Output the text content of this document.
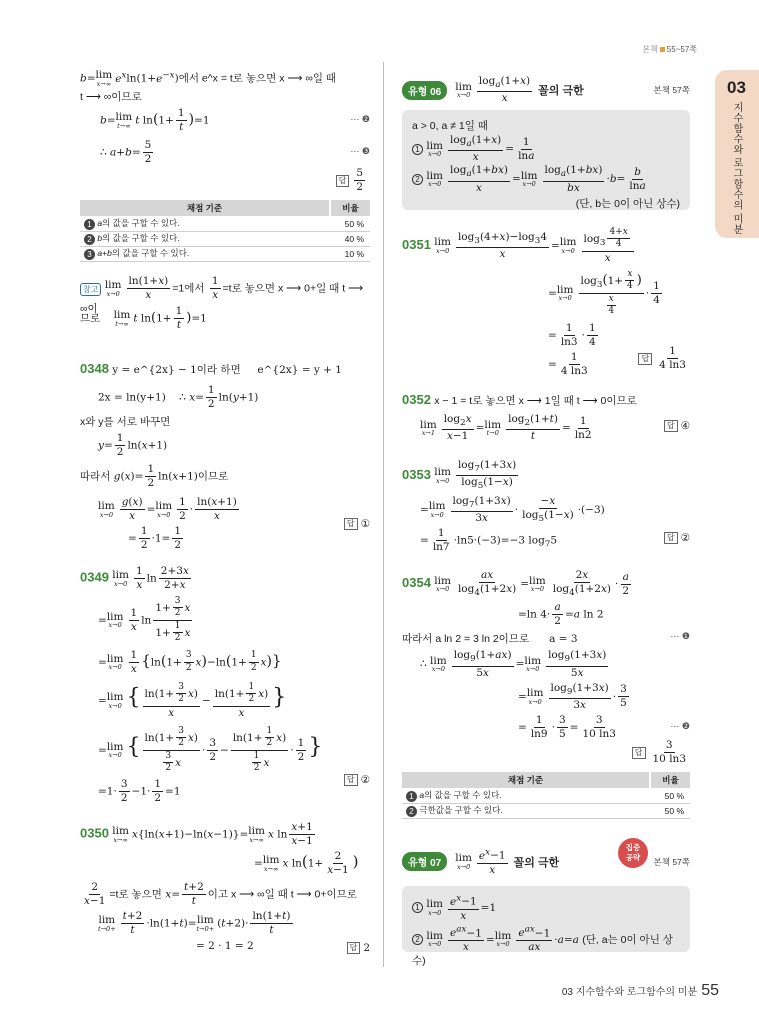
본책 55~57쪽
03
지수함수와 로그함수의 미분
b= lim
x→∞ $e^x\ln(1+e^{-x})$에서 e^x = t로 놓으면 x ⟶ ∞일 때
t ⟶ ∞이므로
b= lim
t→∞ t $\ln(1+ \frac{1}{t} )=1$	⋯ ❷
∴ $a+b= \frac{5}{2}$	⋯ ❸
답 $\frac{5}{2}$
채점 기준	비율
1 a의 값을 구할 수 있다.	50 %
2 b의 값을 구할 수 있다.	40 %
3 a+b의 값을 구할 수 있다.	10 %
참고 lim
$x\to 0 \frac{\ln(1+x)}{x} =1$에서 $\frac{1}{x} =t$로 놓으면 x ⟶ 0+일 때 t ⟶ ∞이
므로 lim
t→∞ t $\ln(1+ \frac{1}{t} )=1$
0348 y = e^{2x} − 1이라 하면 e^{2x} = y + 1
2x = ln(y+1)    ∴ $x= \frac{1}{2} \ln(y+1)$
x와 y를 서로 바꾸면
$y= \frac{1}{2} \ln(x+1)$
따라서 $g(x)= \frac{1}{2} \ln(x+1)$이므로
lim
$x\to 0 \frac{g(x)}{x} = \lim$
$x\to 0 \frac{1}{2} \cdot \frac{\ln(x+1)}{x}$
= $\frac{1}{2} \cdot 1= \frac{1}{2}$
답 ①
0349 lim
$x\to 0 \frac{1}{x}$ $\ln \frac{2+3x}{2+x}$
= lim
$x\to 0 \frac{1}{x}$ $\ln \frac{1+ \frac{3}{2} x}{1+ \frac{1}{2} x}$
= lim
$x\to 0 \frac{1}{x} \{\ln(1+ \frac{3}{2} x)-\ln(1+ \frac{1}{2} x)\}$
= lim
x→0 { $\frac{\ln(1+ \frac{3}{2} x)}{x} - \frac{\ln(1+ \frac{1}{2} x)}{x}$ }
= lim
x→0 { $\frac{\ln(1+ \frac{3}{2} x)}{\frac{3}{2} x} \cdot \frac{3}{2} - \frac{\ln(1+ \frac{1}{2} x)}{\frac{1}{2} x} \cdot \frac{1}{2}$ }
$=1\cdot \frac{3}{2} -1\cdot \frac{1}{2} =1$
답 ②
0350 lim
x→∞ x{ln(x+1)−ln(x−1)}= lim
x→∞ x $\ln \frac{x+1}{x-1}$
= lim
x→∞ x $\ln(1+ \frac{2}{x-1}$ )
$\frac{2}{x-1} =t$로 놓으면 $x= \frac{t+2}{t}$ 이고 x ⟶ ∞일 때 t ⟶ 0+이므로
lim
$t\to 0+ \frac{t+2}{t} \cdot\ln(1+t)= \lim$
$t\to 0+ (t+2)\cdot \frac{\ln(1+t)}{t}$
= 2 · 1 = 2	답 2
유형 06	lim
$x\to 0 \frac{\log_a(1+x)}{x}$ 꼴의 극한	본책 57쪽
a > 0, a ≠ 1일 때
1 lim
$x\to 0 \frac{\log_a(1+x)}{x} = \frac{1}{\ln a}$
2 lim
$x\to 0 \frac{\log_a(1+bx)}{x} = \lim$
$x\to 0 \frac{\log_a(1+bx)}{bx} \cdot b= \frac{b}{\ln a}$
(단, b는 0이 아닌 상수)
0351 lim
$x\to 0 \frac{\log_3(4+x)-\log_34}{x} = \lim$
$x\to 0 \frac{\log_3 \frac{4+x}{4}}{x}$
= lim
$x\to 0 \frac{\log_3(1+ \frac{x}{4} )}{\frac{x}{4}} \cdot \frac{1}{4}$
= $\frac{1}{\ln 3} \cdot \frac{1}{4}$
= $\frac{1}{4 \ln 3}$	답 $\frac{1}{4 \ln 3}$
0352 x − 1 = t로 놓으면 x ⟶ 1일 때 t ⟶ 0이므로
lim
$x\to 1 \frac{\log_2x}{x-1} = \lim$
$t\to 0 \frac{\log_2(1+t)}{t} = \frac{1}{\ln 2}$	답 ④
0353 lim
$x\to 0 \frac{\log_7(1+3x)}{\log_5(1-x)}$
= lim
$x\to 0 \frac{\log_7(1+3x)}{3x} \cdot \frac{-x}{\log_5(1-x)} \cdot(-3)$
= $\frac{1}{\ln 7} \cdot\ln 5\cdot(-3)=-3$ $\log_75$	답 ②
0354 lim
$x\to 0 \frac{ax}{\log_4(1+2x)} = \lim$
$x\to 0 \frac{2x}{\log_4(1+2x)} \cdot \frac{a}{2}$
=ln $4\cdot \frac{a}{2} =a$ ln 2
따라서 a ln 2 = 3 ln 2이므로 a = 3	⋯ ❶
∴ lim
$x\to 0 \frac{\log_9(1+ax)}{5x} = \lim$
$x\to 0 \frac{\log_9(1+3x)}{5x}$
= lim
$x\to 0 \frac{\log_9(1+3x)}{3x} \cdot \frac{3}{5}$
= $\frac{1}{\ln 9} \cdot \frac{3}{5} = \frac{3}{10 \ln 3}$	⋯ ❷
답 $\frac{3}{10 \ln 3}$
채점 기준	비율
1 a의 값을 구할 수 있다.	50 %
2 극한값을 구할 수 있다.	50 %
집중
공략
유형 07	lim
$x\to 0 \frac{e^x-1}{x}$ 꼴의 극한	본책 57쪽
1 lim
$x\to 0 \frac{e^x-1}{x} =1$
2 lim
$x\to 0 \frac{e^{ax}-1}{x} = \lim$
$x\to 0 \frac{e^{ax}-1}{ax} \cdot a=a$ (단, a는 0이 아닌 상수)
03 지수함수와 로그함수의 미분 55
